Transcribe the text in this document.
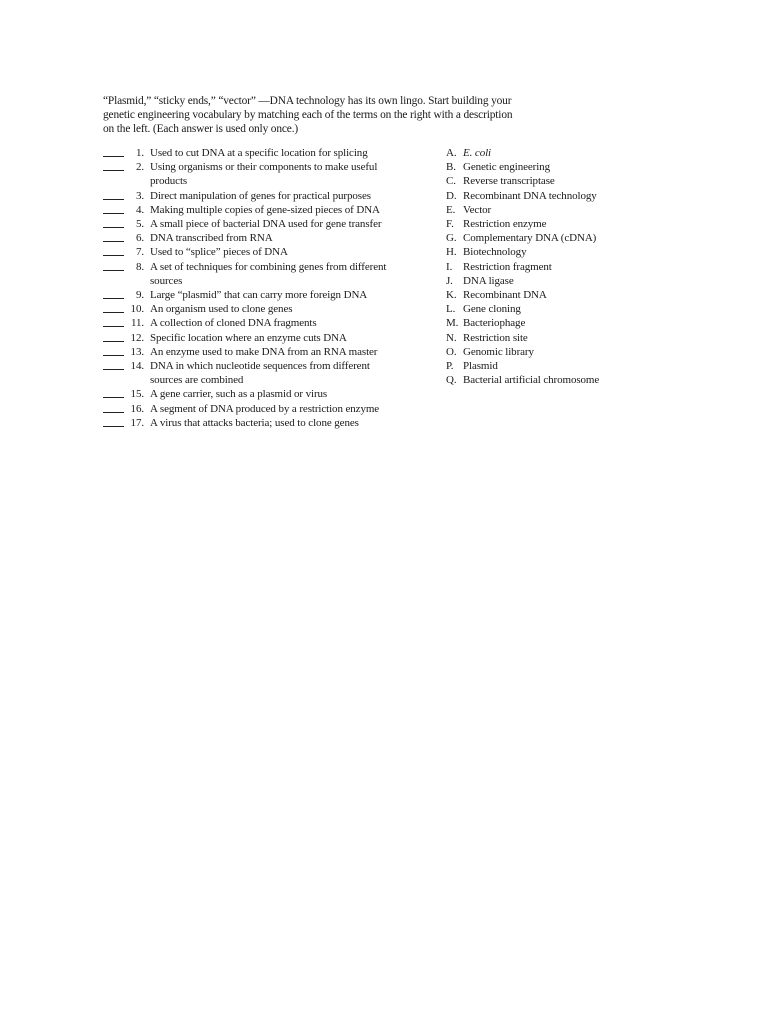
“Plasmid,” “sticky ends,” “vector” —DNA technology has its own lingo. Start building your
genetic engineering vocabulary by matching each of the terms on the right with a description
on the left. (Each answer is used only once.)
1. Used to cut DNA at a specific location for splicing
2. Using organisms or their components to make useful
products
3. Direct manipulation of genes for practical purposes
4. Making multiple copies of gene-sized pieces of DNA
5. A small piece of bacterial DNA used for gene transfer
6. DNA transcribed from RNA
7. Used to “splice” pieces of DNA
8. A set of techniques for combining genes from different
sources
9. Large “plasmid” that can carry more foreign DNA
10. An organism used to clone genes
11. A collection of cloned DNA fragments
12. Specific location where an enzyme cuts DNA
13. An enzyme used to make DNA from an RNA master
14. DNA in which nucleotide sequences from different
sources are combined
15. A gene carrier, such as a plasmid or virus
16. A segment of DNA produced by a restriction enzyme
17. A virus that attacks bacteria; used to clone genes
A. E. coli
B. Genetic engineering
C. Reverse transcriptase
D. Recombinant DNA technology
E. Vector
F. Restriction enzyme
G. Complementary DNA (cDNA)
H. Biotechnology
I. Restriction fragment
J. DNA ligase
K. Recombinant DNA
L. Gene cloning
M. Bacteriophage
N. Restriction site
O. Genomic library
P. Plasmid
Q. Bacterial artificial chromosome
